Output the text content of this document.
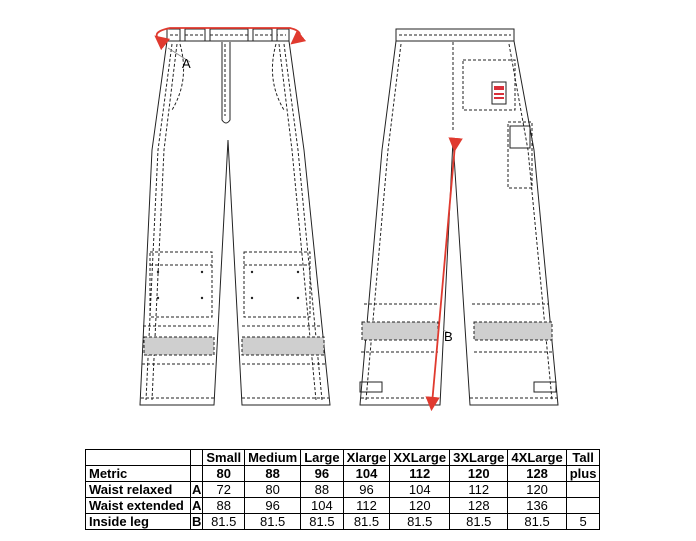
A
B
		Small	Medium	Large	Xlarge	XXLarge	3XLarge	4XLarge	Tall
Metric		80	88	96	104	112	120	128	plus
Waist relaxed	A	72	80	88	96	104	112	120	
Waist extended	A	88	96	104	112	120	128	136	
Inside leg	B	81.5	81.5	81.5	81.5	81.5	81.5	81.5	5
